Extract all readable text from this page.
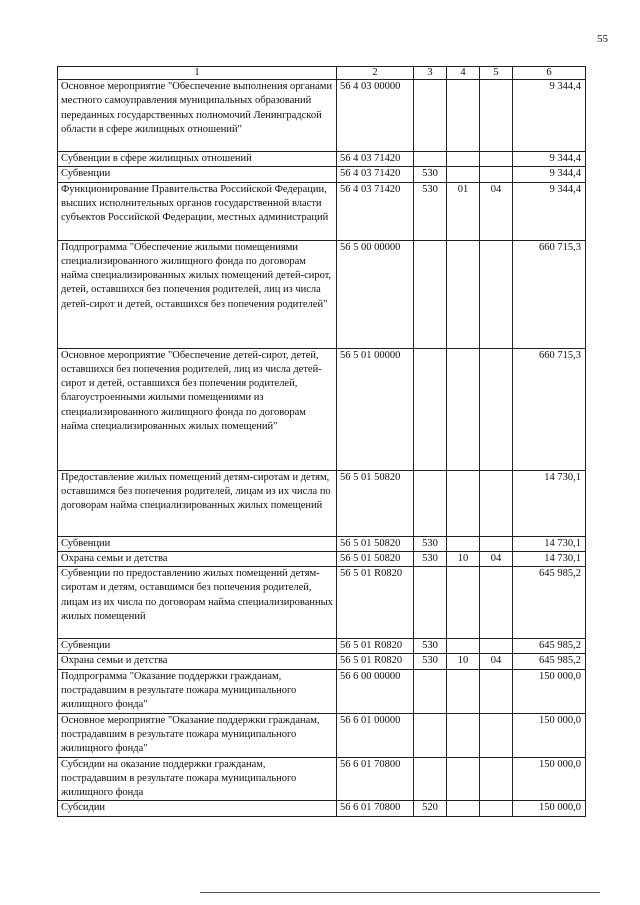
55
1	2	3	4	5	6
Основное мероприятие "Обеспечение выполнения органами местного самоуправления муниципальных образований переданных государственных полномочий Ленинградской области в сфере жилищных отношений"	56 4 03 00000				9 344,4
Субвенции в сфере жилищных отношений	56 4 03 71420				9 344,4
Субвенции	56 4 03 71420	530			9 344,4
Функционирование Правительства Российской Федерации, высших исполнительных органов государственной власти субъектов Российской Федерации, местных администраций	56 4 03 71420	530	01	04	9 344,4
Подпрограмма "Обеспечение жилыми помещениями специализированного жилищного фонда по договорам найма специализированных жилых помещений детей-сирот, детей, оставшихся без попечения родителей, лиц из числа детей-сирот и детей, оставшихся без попечения родителей"	56 5 00 00000				660 715,3
Основное мероприятие "Обеспечение детей-сирот, детей, оставшихся без попечения родителей, лиц из числа детей-сирот и детей, оставшихся без попечения родителей, благоустроенными жилыми помещениями из специализированного жилищного фонда по договорам найма специализированных жилых помещений"	56 5 01 00000				660 715,3
Предоставление жилых помещений детям-сиротам и детям, оставшимся без попечения родителей, лицам из их числа по договорам найма специализированных жилых помещений	56 5 01 50820				14 730,1
Субвенции	56 5 01 50820	530			14 730,1
Охрана семьи и детства	56 5 01 50820	530	10	04	14 730,1
Субвенции по предоставлению жилых помещений детям-сиротам и детям, оставшимся без попечения родителей, лицам из их числа по договорам найма специализированных жилых помещений	56 5 01 R0820				645 985,2
Субвенции	56 5 01 R0820	530			645 985,2
Охрана семьи и детства	56 5 01 R0820	530	10	04	645 985,2
Подпрограмма "Оказание поддержки гражданам, пострадавшим в результате пожара муниципального жилищного фонда"	56 6 00 00000				150 000,0
Основное мероприятие "Оказание поддержки гражданам, пострадавшим в результате пожара муниципального жилищного фонда"	56 6 01 00000				150 000,0
Субсидии на оказание поддержки гражданам, пострадавшим в результате пожара муниципального жилищного фонда	56 6 01 70800				150 000,0
Субсидии	56 6 01 70800	520			150 000,0
